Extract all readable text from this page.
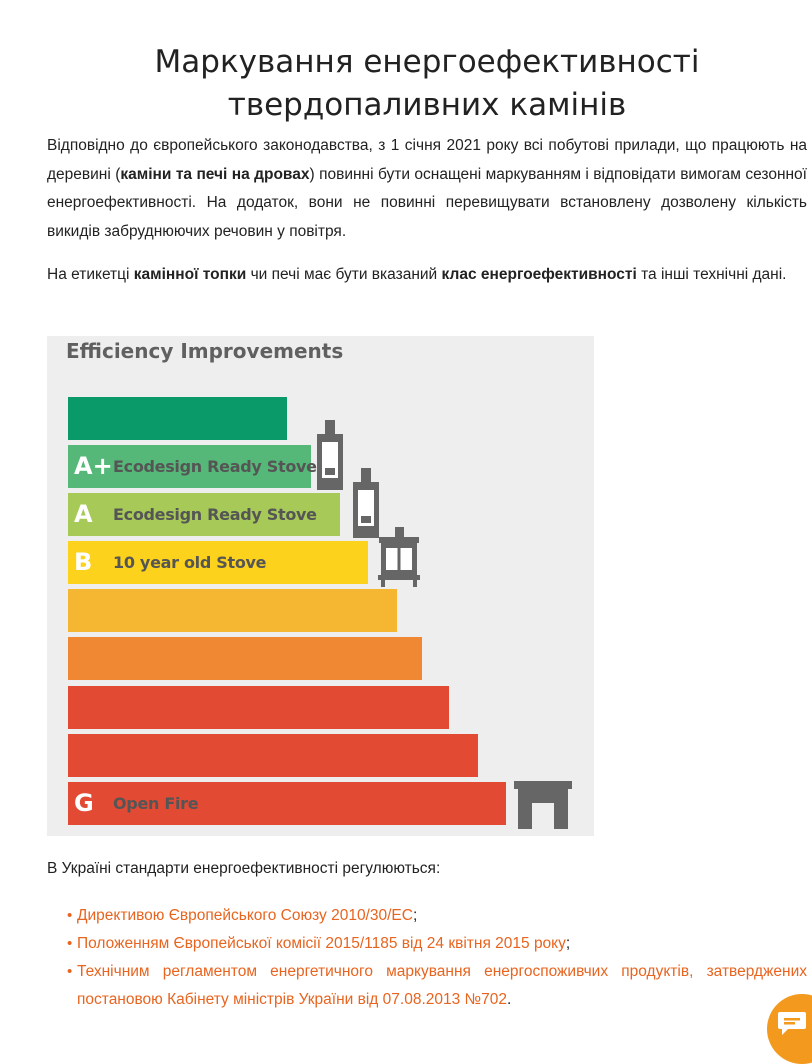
Маркування енергоефективності
твердопаливних камінів

Відповідно до європейського законодавства, з 1 січня 2021 року всі побутові прилади, що працюють на деревині (каміни та печі на дровах) повинні бути оснащені маркуванням і відповідати вимогам сезонної енергоефективності. На додаток, вони не повинні перевищувати встановлену дозволену кількість викидів забруднюючих речовин у повітря.

На етикетці камінної топки чи печі має бути вказаний клас енергоефективності та інші технічні дані.

Efficiency Improvements
A+ Ecodesign Ready Stove
A Ecodesign Ready Stove
B 10 year old Stove
G Open Fire
В Україні стандарти енергоефективності регулюються:
• Директивою Європейського Союзу 2010/30/ЕС;
• Положенням Європейської комісії 2015/1185 від 24 квітня 2015 року;
• Технічним регламентом енергетичного маркування енергоспоживчих продуктів, затверджених постановою Кабінету міністрів України від 07.08.2013 №702.
